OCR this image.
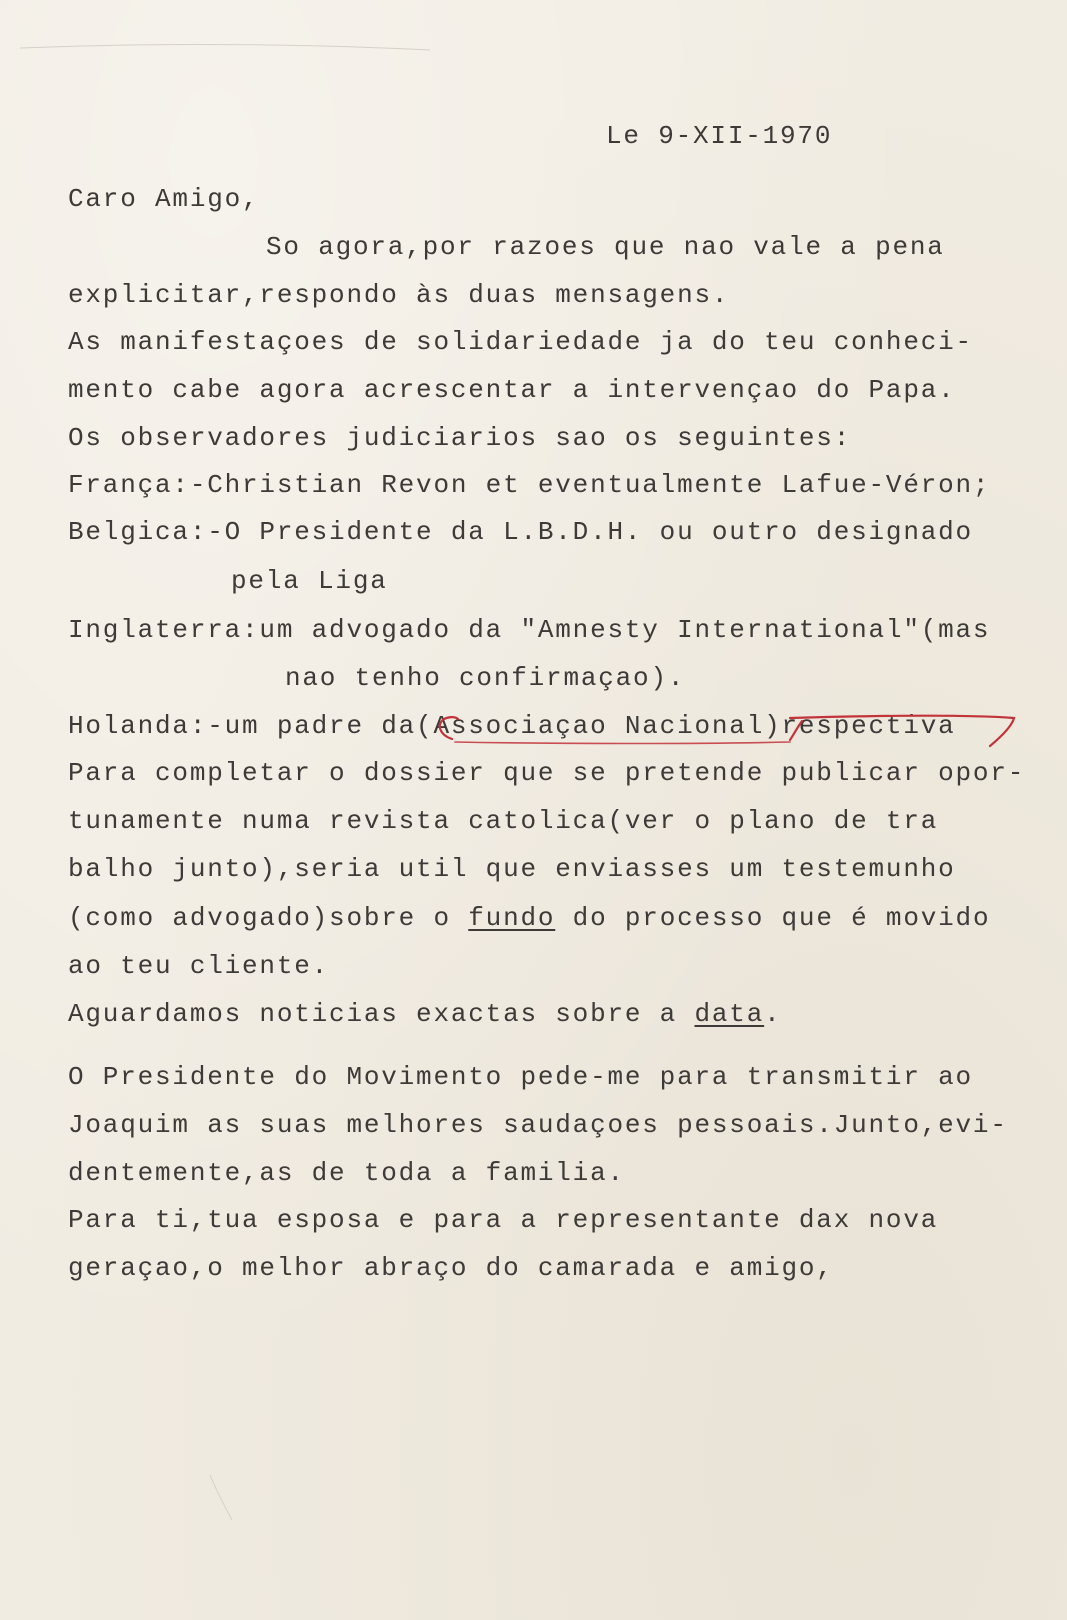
Le 9-XII-1970
Caro Amigo,
So agora,por razoes que nao vale a pena
explicitar,respondo às duas mensagens.
As manifestaçoes de solidariedade ja do teu conheci-
mento cabe agora acrescentar a intervençao do Papa.
Os observadores judiciarios sao os seguintes:
França:-Christian Revon et eventualmente Lafue-Véron;
Belgica:-O Presidente da L.B.D.H. ou outro designado
pela Liga
Inglaterra:um advogado da "Amnesty International"(mas
nao tenho confirmaçao).
Holanda:-um padre da(Associaçao Nacional)respectiva
Para completar o dossier que se pretende publicar opor-
tunamente numa revista catolica(ver o plano de tra
balho junto),seria util que enviasses um testemunho
(como advogado)sobre o fundo do processo que é movido
ao teu cliente.
Aguardamos noticias exactas sobre a data.
O Presidente do Movimento pede-me para transmitir ao
Joaquim as suas melhores saudaçoes pessoais.Junto,evi-
dentemente,as de toda a familia.
Para ti,tua esposa e para a representante dax nova
geraçao,o melhor abraço do camarada e amigo,
